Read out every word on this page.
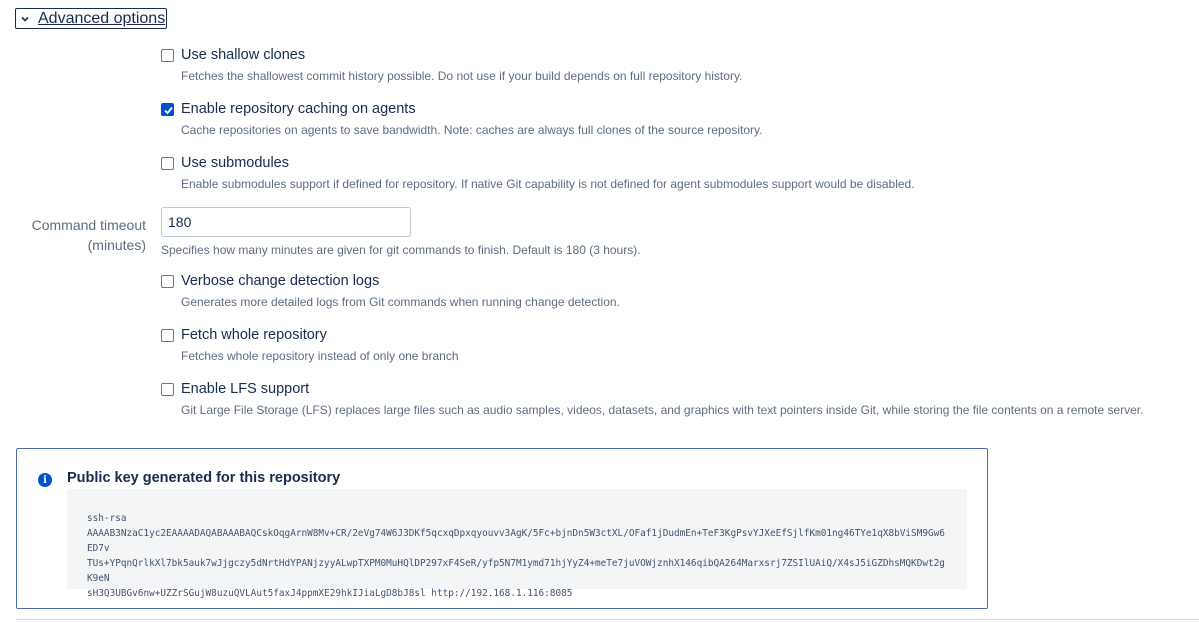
Advanced options
Use shallow clones
Fetches the shallowest commit history possible. Do not use if your build depends on full repository history.
Enable repository caching on agents
Cache repositories on agents to save bandwidth. Note: caches are always full clones of the source repository.
Use submodules
Enable submodules support if defined for repository. If native Git capability is not defined for agent submodules support would be disabled.
Command timeout
(minutes)
180 Specifies how many minutes are given for git commands to finish. Default is 180 (3 hours).
Verbose change detection logs
Generates more detailed logs from Git commands when running change detection.
Fetch whole repository
Fetches whole repository instead of only one branch
Enable LFS support
Git Large File Storage (LFS) replaces large files such as audio samples, videos, datasets, and graphics with text pointers inside Git, while storing the file contents on a remote server.
i	Public key generated for this repository
ssh-rsa
AAAAB3NzaC1yc2EAAAADAQABAAABAQCskOqgArnW8Mv+CR/2eVg74W6J3DKf5qcxqDpxqyouvv3AgK/5Fc+bjnDn5W3ctXL/OFaf1jDudmEn+TeF3KgPsvYJXeEfSjlfKm01ng46TYe1qX8bViSM9Gw6ED7v
TUs+YPqnQrlkXl7bk5auk7wJjgczy5dNrtHdYPANjzyyALwpTXPM0MuHQlDP297xF4SeR/yfp5N7M1ymd71hjYyZ4+meTe7juVOWjznhX146qibQA264Marxsrj7ZSIlUAiQ/X4sJ5iGZDhsMQKDwt2gK9eN
sH3Q3UBGv6nw+UZZrSGujW8uzuQVLAut5faxJ4ppmXE29hkIJiaLgD8bJ8sl http://192.168.1.116:8085
